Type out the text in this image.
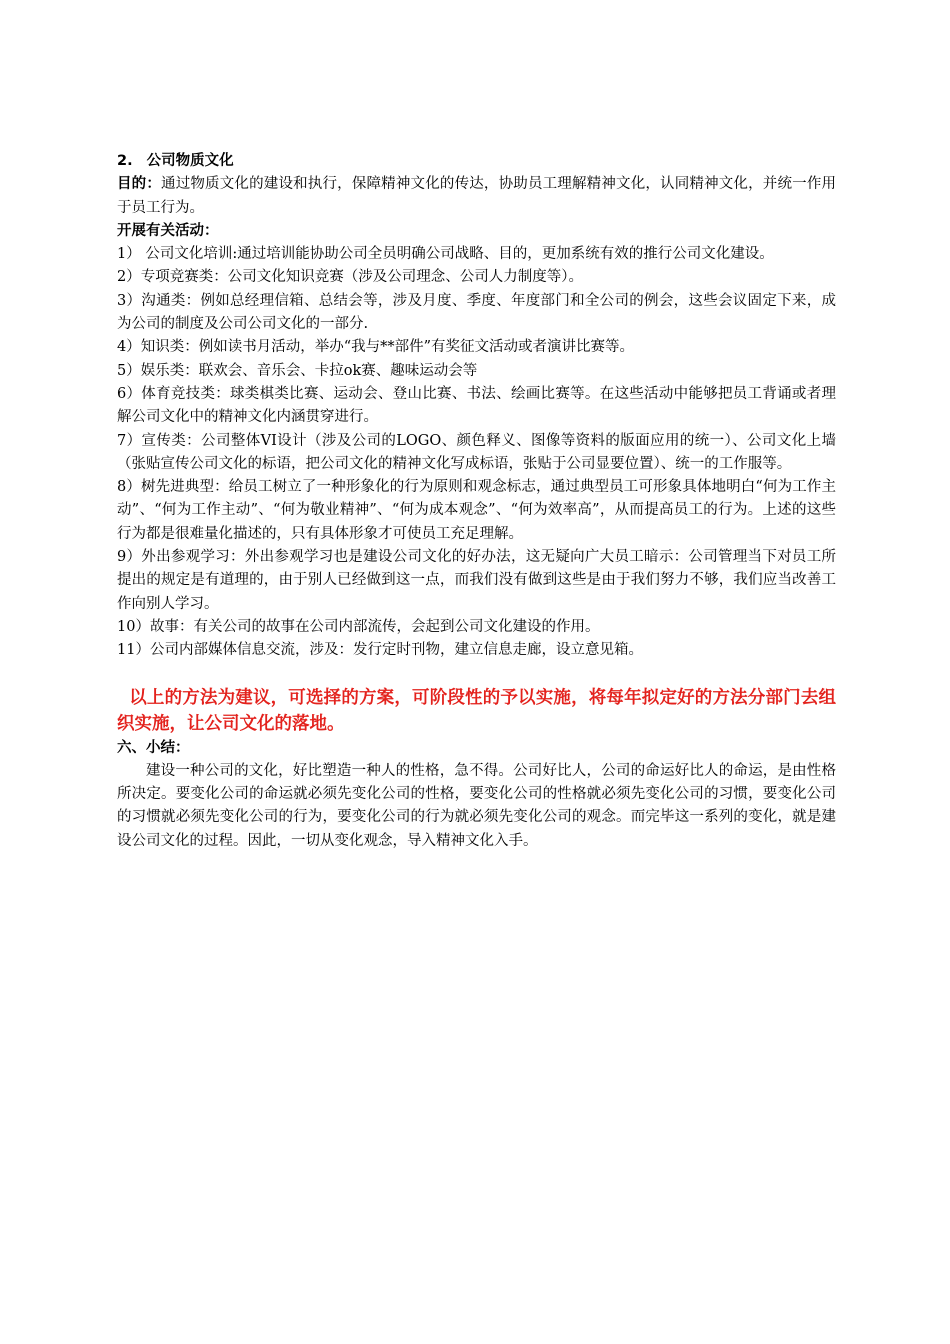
2. 公司物质文化

目的：通过物质文化的建设和执行，保障精神文化的传达，协助员工理解精神文化，认同精神文化，并统一作用于员工行为。

开展有关活动：

1） 公司文化培训:通过培训能协助公司全员明确公司战略、目的，更加系统有效的推行公司文化建设。

2）专项竞赛类：公司文化知识竞赛（涉及公司理念、公司人力制度等）。

3）沟通类：例如总经理信箱、总结会等，涉及月度、季度、年度部门和全公司的例会，这些会议固定下来，成为公司的制度及公司公司文化的一部分.

4）知识类：例如读书月活动，举办“我与**部件”有奖征文活动或者演讲比赛等。

5）娱乐类：联欢会、音乐会、卡拉ok赛、趣味运动会等

6）体育竞技类：球类棋类比赛、运动会、登山比赛、书法、绘画比赛等。在这些活动中能够把员工背诵或者理解公司文化中的精神文化内涵贯穿进行。

7）宣传类：公司整体VI设计（涉及公司的LOGO、颜色释义、图像等资料的版面应用的统一）、公司文化上墙（张贴宣传公司文化的标语，把公司文化的精神文化写成标语，张贴于公司显要位置）、统一的工作服等。

8）树先进典型：给员工树立了一种形象化的行为原则和观念标志，通过典型员工可形象具体地明白“何为工作主动”、“何为工作主动”、“何为敬业精神”、“何为成本观念”、“何为效率高”，从而提高员工的行为。上述的这些行为都是很难量化描述的，只有具体形象才可使员工充足理解。

9）外出参观学习：外出参观学习也是建设公司文化的好办法，这无疑向广大员工暗示：公司管理当下对员工所提出的规定是有道理的，由于别人已经做到这一点，而我们没有做到这些是由于我们努力不够，我们应当改善工作向别人学习。

10）故事：有关公司的故事在公司内部流传，会起到公司文化建设的作用。

11）公司内部媒体信息交流，涉及：发行定时刊物，建立信息走廊，设立意见箱。

以上的方法为建议，可选择的方案，可阶段性的予以实施，将每年拟定好的方法分部门去组织实施，让公司文化的落地。

六、小结：

建设一种公司的文化，好比塑造一种人的性格，急不得。公司好比人，公司的命运好比人的命运，是由性格所决定。要变化公司的命运就必须先变化公司的性格，要变化公司的性格就必须先变化公司的习惯，要变化公司的习惯就必须先变化公司的行为，要变化公司的行为就必须先变化公司的观念。而完毕这一系列的变化，就是建设公司文化的过程。因此，一切从变化观念，导入精神文化入手。
